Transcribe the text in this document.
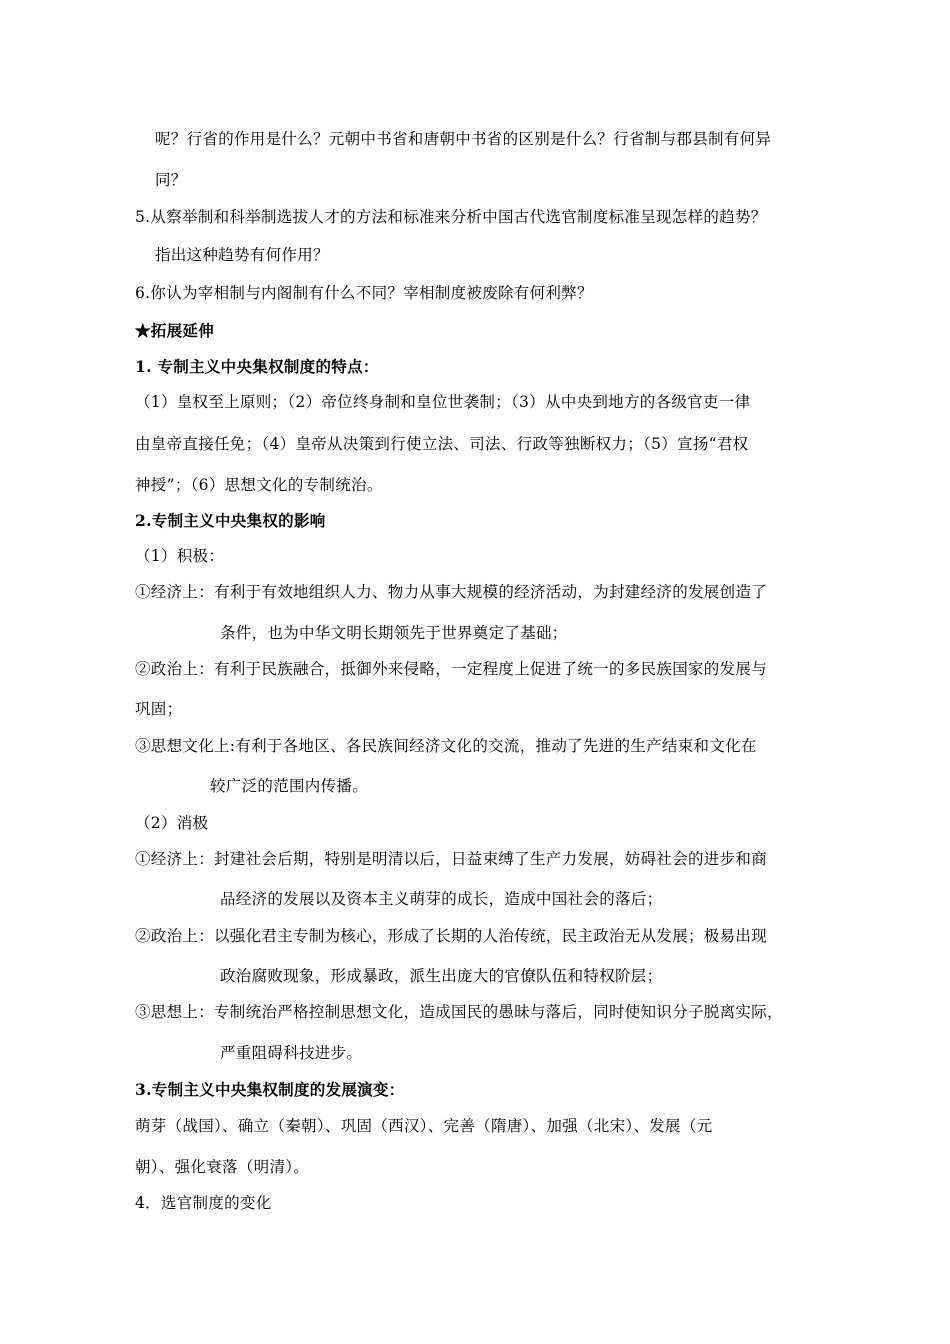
呢？行省的作用是什么？元朝中书省和唐朝中书省的区别是什么？行省制与郡县制有何异
同？
5.从察举制和科举制选拔人才的方法和标准来分析中国古代选官制度标准呈现怎样的趋势？
指出这种趋势有何作用？
6.你认为宰相制与内阁制有什么不同？宰相制度被废除有何利弊？
★拓展延伸
1. 专制主义中央集权制度的特点：
（1）皇权至上原则；（2）帝位终身制和皇位世袭制；（3）从中央到地方的各级官吏一律
由皇帝直接任免；（4）皇帝从决策到行使立法、司法、行政等独断权力；（5）宣扬“君权
神授”；（6）思想文化的专制统治。
2.专制主义中央集权的影响
（1）积极：
①经济上：有利于有效地组织人力、物力从事大规模的经济活动，为封建经济的发展创造了
条件，也为中华文明长期领先于世界奠定了基础；
②政治上：有利于民族融合，抵御外来侵略，一定程度上促进了统一的多民族国家的发展与
巩固；
③思想文化上:有利于各地区、各民族间经济文化的交流，推动了先进的生产结束和文化在
较广泛的范围内传播。
（2）消极
①经济上：封建社会后期，特别是明清以后，日益束缚了生产力发展，妨碍社会的进步和商
品经济的发展以及资本主义萌芽的成长，造成中国社会的落后；
②政治上：以强化君主专制为核心，形成了长期的人治传统，民主政治无从发展；极易出现
政治腐败现象，形成暴政，派生出庞大的官僚队伍和特权阶层；
③思想上：专制统治严格控制思想文化，造成国民的愚昧与落后，同时使知识分子脱离实际，
严重阻碍科技进步。
3.专制主义中央集权制度的发展演变：
萌芽（战国）、确立（秦朝）、巩固（西汉）、完善（隋唐）、加强（北宋）、发展（元
朝）、强化衰落（明清）。
4．选官制度的变化
